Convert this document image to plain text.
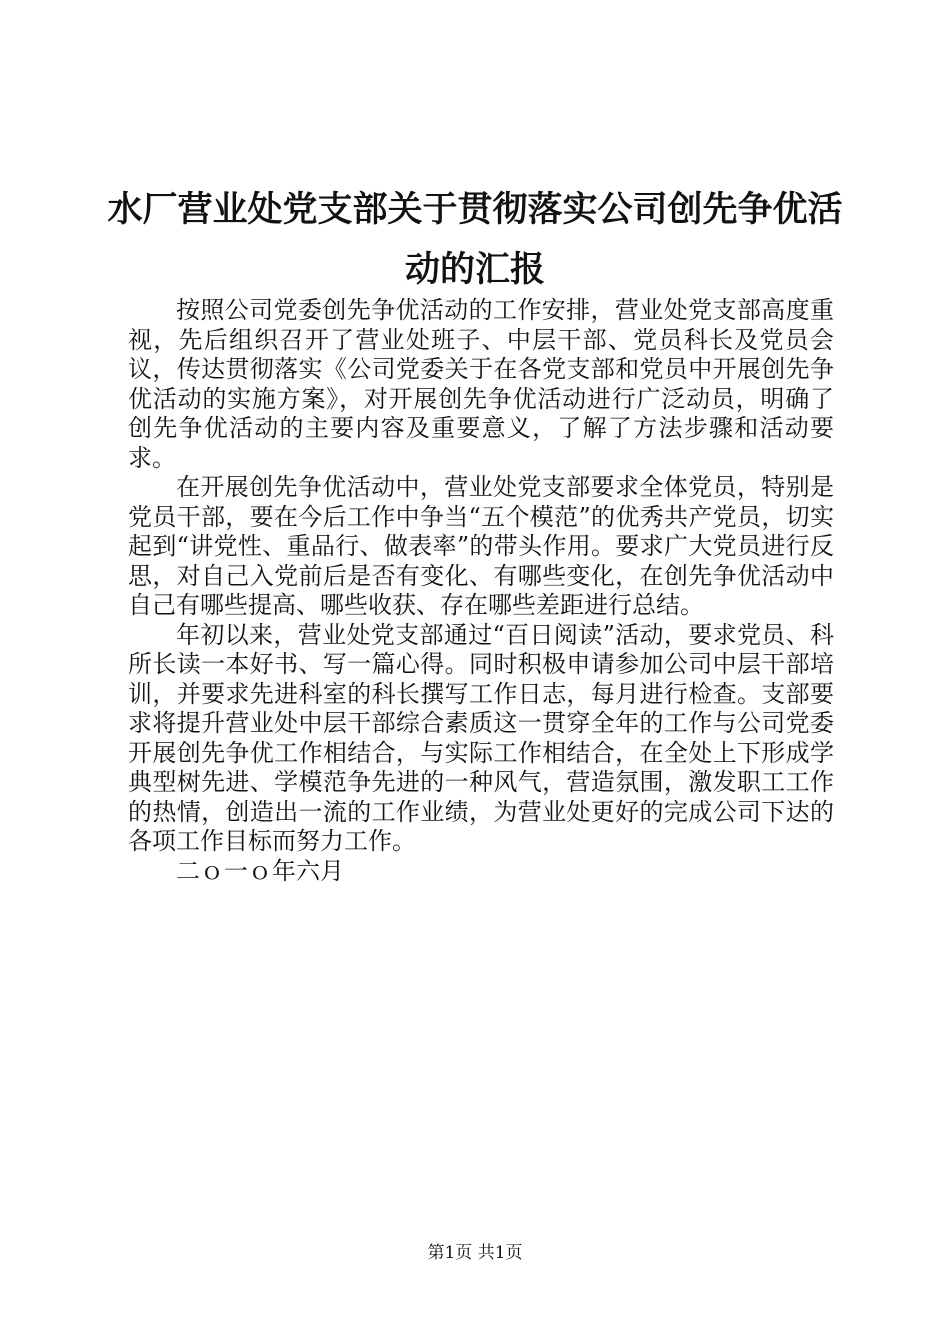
水厂营业处党支部关于贯彻落实公司创先争优活动的汇报

按照公司党委创先争优活动的工作安排，营业处党支部高度重视，先后组织召开了营业处班子、中层干部、党员科长及党员会议，传达贯彻落实《公司党委关于在各党支部和党员中开展创先争优活动的实施方案》，对开展创先争优活动进行广泛动员，明确了创先争优活动的主要内容及重要意义，了解了方法步骤和活动要求。

在开展创先争优活动中，营业处党支部要求全体党员，特别是党员干部，要在今后工作中争当“五个模范”的优秀共产党员，切实起到“讲党性、重品行、做表率”的带头作用。要求广大党员进行反思，对自己入党前后是否有变化、有哪些变化，在创先争优活动中自己有哪些提高、哪些收获、存在哪些差距进行总结。

年初以来，营业处党支部通过“百日阅读”活动，要求党员、科所长读一本好书、写一篇心得。同时积极申请参加公司中层干部培训，并要求先进科室的科长撰写工作日志，每月进行检查。支部要求将提升营业处中层干部综合素质这一贯穿全年的工作与公司党委开展创先争优工作相结合，与实际工作相结合，在全处上下形成学典型树先进、学模范争先进的一种风气，营造氛围，激发职工工作的热情，创造出一流的工作业绩，为营业处更好的完成公司下达的各项工作目标而努力工作。

二ｏ一ｏ年六月

第1页 共1页
